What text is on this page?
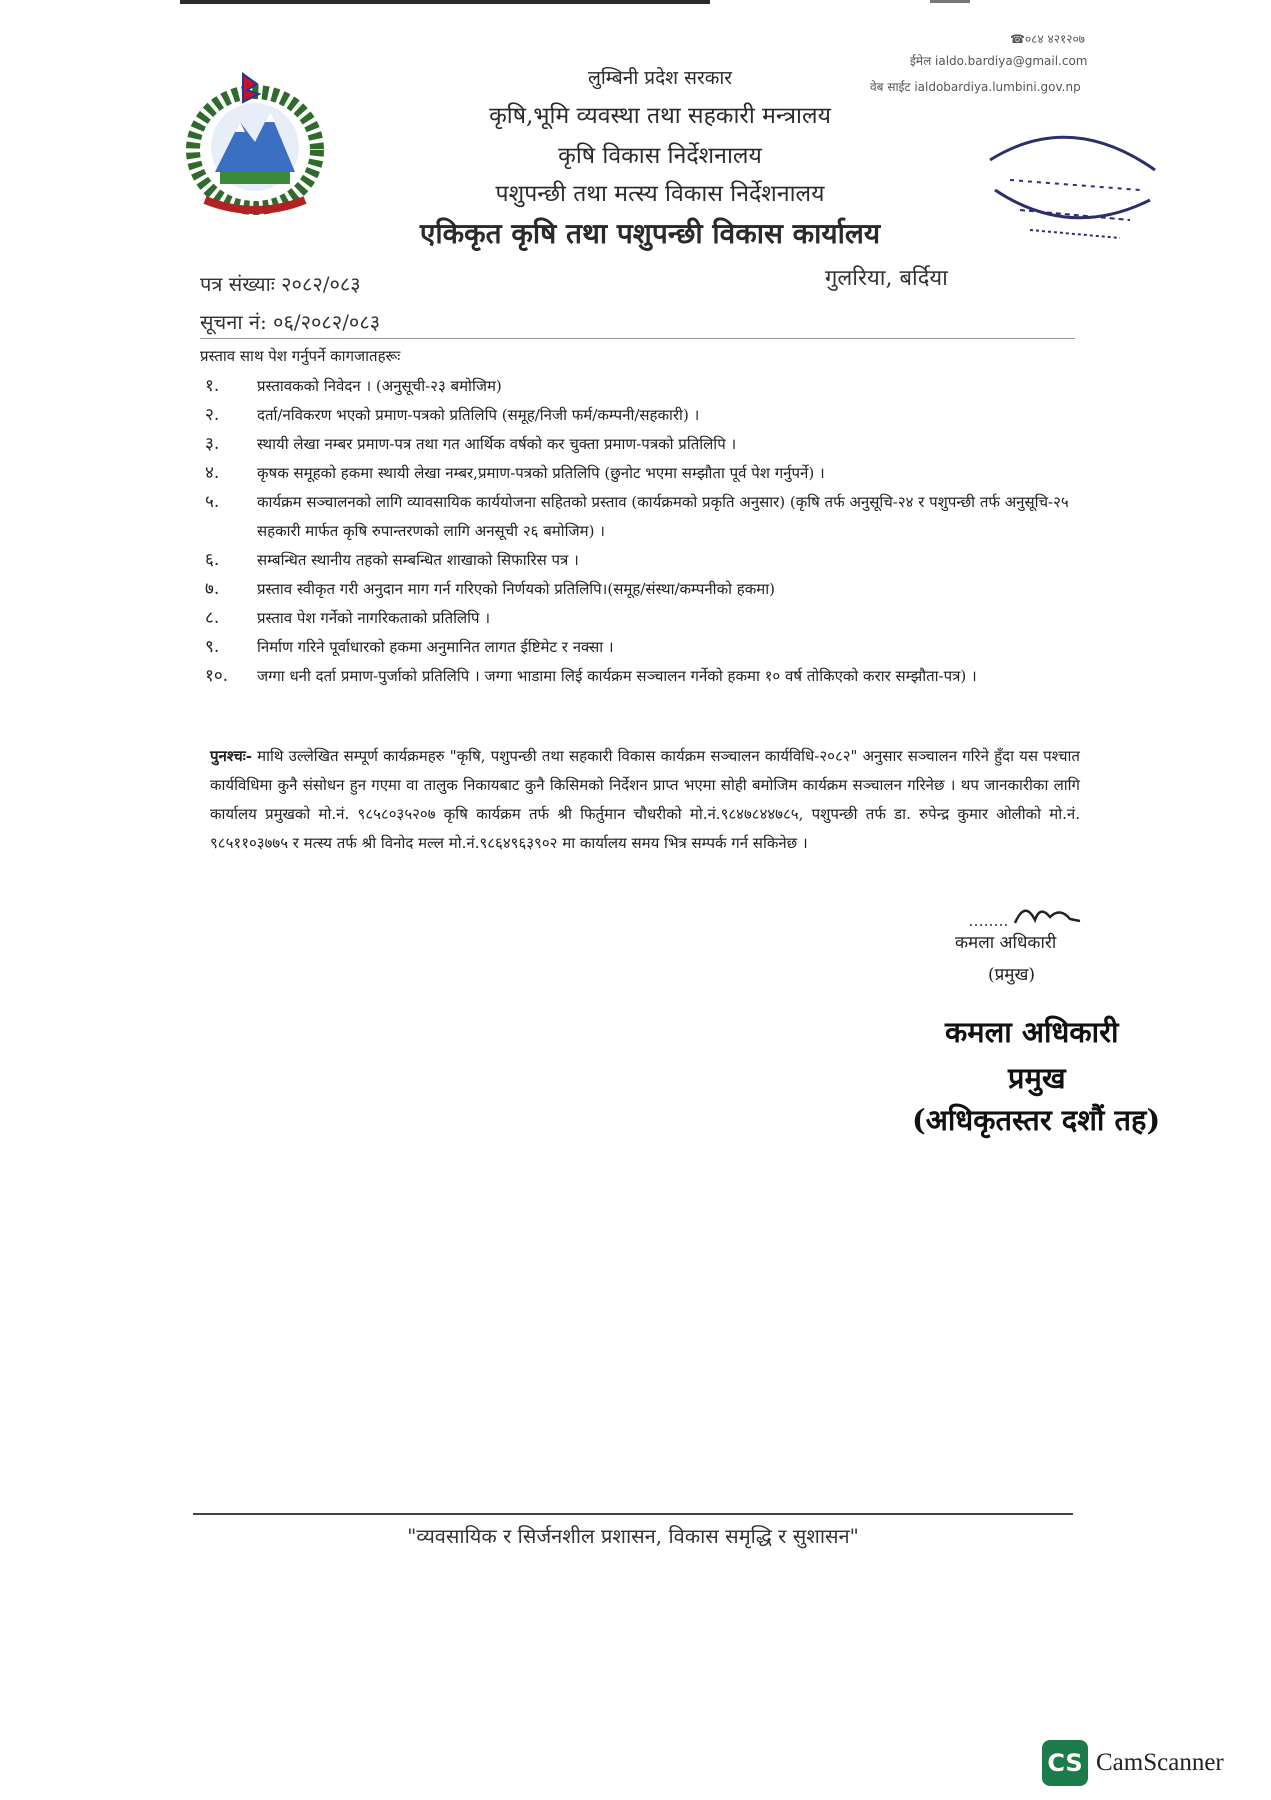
लुम्बिनी प्रदेश सरकार
कृषि,भूमि व्यवस्था तथा सहकारी मन्त्रालय
कृषि विकास निर्देशनालय
पशुपन्छी तथा मत्स्य विकास निर्देशनालय
एकिकृत कृषि तथा पशुपन्छी विकास कार्यालय
☎०८४ ४२१२०७
ईमेल ialdo.bardiya@gmail.com
वेब साईट ialdobardiya.lumbini.gov.np
पत्र संख्याः २०८२/०८३
सूचना नं: ०६/२०८२/०८३
गुलरिया, बर्दिया
प्रस्ताव साथ पेश गर्नुपर्ने कागजातहरूः
१.	प्रस्तावकको निवेदन । (अनुसूची-२३ बमोजिम)
२.	दर्ता/नविकरण भएको प्रमाण-पत्रको प्रतिलिपि (समूह/निजी फर्म/कम्पनी/सहकारी) ।
३.	स्थायी लेखा नम्बर प्रमाण-पत्र तथा गत आर्थिक वर्षको कर चुक्ता प्रमाण-पत्रको प्रतिलिपि ।
४.	कृषक समूहको हकमा स्थायी लेखा नम्बर,प्रमाण-पत्रको प्रतिलिपि (छुनोट भएमा सम्झौता पूर्व पेश गर्नुपर्ने) ।
५.	कार्यक्रम सञ्चालनको लागि व्यावसायिक कार्ययोजना सहितको प्रस्ताव (कार्यक्रमको प्रकृति अनुसार) (कृषि तर्फ अनुसूचि-२४ र पशुपन्छी तर्फ अनुसूचि-२५ सहकारी मार्फत कृषि रुपान्तरणको लागि अनसूची २६ बमोजिम) ।
६.	सम्बन्धित स्थानीय तहको सम्बन्धित शाखाको सिफारिस पत्र ।
७.	प्रस्ताव स्वीकृत गरी अनुदान माग गर्न गरिएको निर्णयको प्रतिलिपि।(समूह/संस्था/कम्पनीको हकमा)
८.	प्रस्ताव पेश गर्नेको नागरिकताको प्रतिलिपि ।
९.	निर्माण गरिने पूर्वाधारको हकमा अनुमानित लागत ईष्टिमेट र नक्सा ।
१०.	जग्गा धनी दर्ता प्रमाण-पुर्जाको प्रतिलिपि । जग्गा भाडामा लिई कार्यक्रम सञ्चालन गर्नेको हकमा १० वर्ष तोकिएको करार सम्झौता-पत्र) ।
पुनश्चः- माथि उल्लेखित सम्पूर्ण कार्यक्रमहरु "कृषि, पशुपन्छी तथा सहकारी विकास कार्यक्रम सञ्चालन कार्यविधि-२०८२" अनुसार सञ्चालन गरिने हुँदा यस पश्चात कार्यविधिमा कुनै संसोधन हुन गएमा वा तालुक निकायबाट कुनै किसिमको निर्देशन प्राप्त भएमा सोही बमोजिम कार्यक्रम सञ्चालन गरिनेछ । थप जानकारीका लागि कार्यालय प्रमुखको मो.नं. ९८५८०३५२०७ कृषि कार्यक्रम तर्फ श्री फिर्तुमान चौधरीको मो.नं.९८४७८४४७८५, पशुपन्छी तर्फ डा. रुपेन्द्र कुमार ओलीको मो.नं. ९८५११०३७७५ र मत्स्य तर्फ श्री विनोद मल्ल मो.नं.९८६४९६३९०२ मा कार्यालय समय भित्र सम्पर्क गर्न सकिनेछ ।
कमला अधिकारी
(प्रमुख)
कमला अधिकारी
प्रमुख
(अधिकृतस्तर दशौं तह)
"व्यवसायिक र सिर्जनशील प्रशासन, विकास समृद्धि र सुशासन"
CS CamScanner
